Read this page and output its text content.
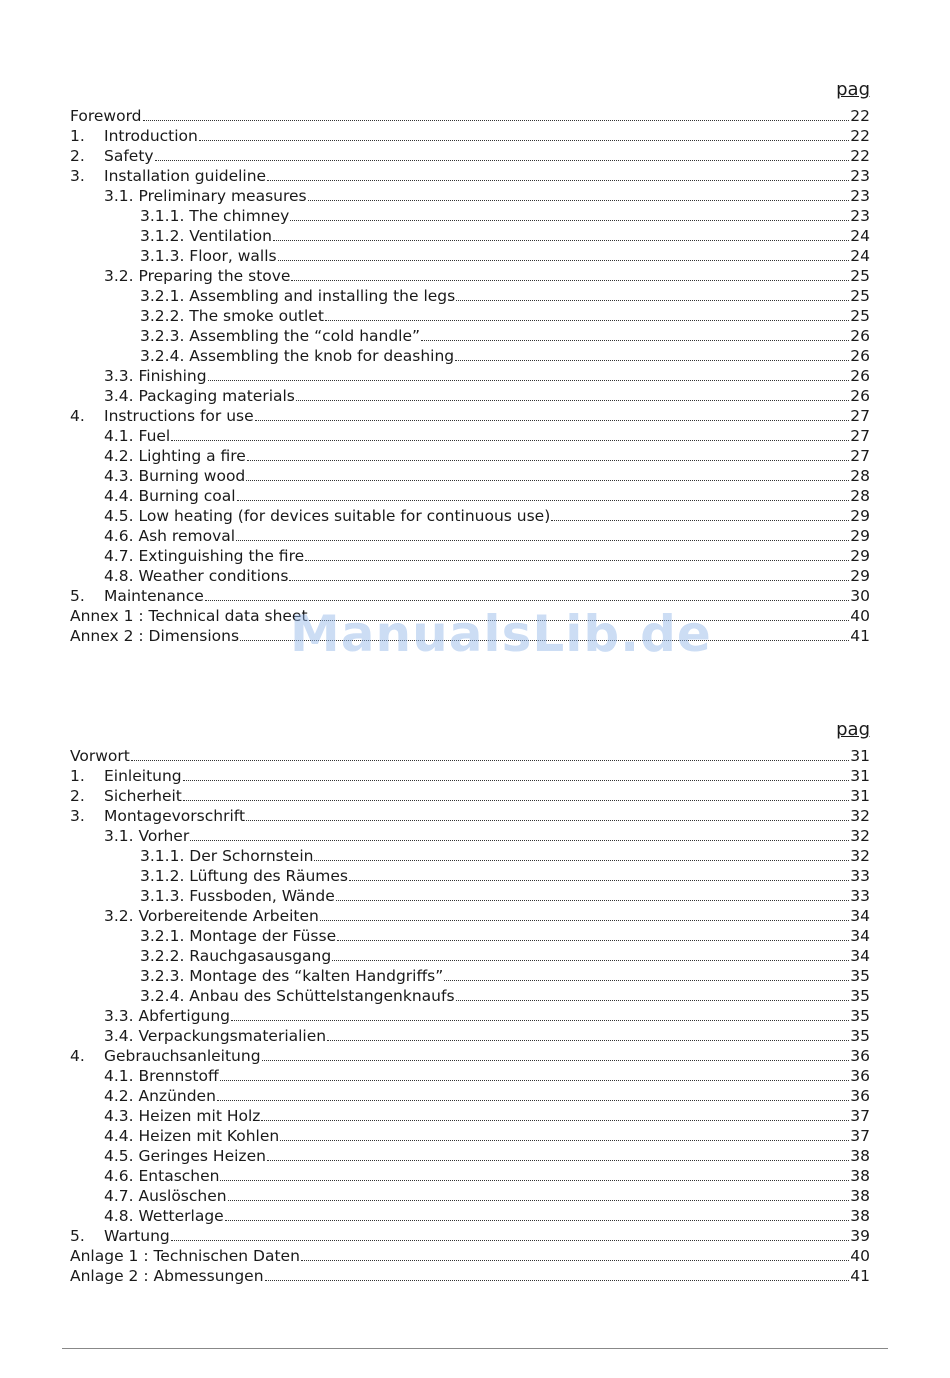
pag
Foreword	22
1.	Introduction	22
2.	Safety	22
3.	Installation guideline	23
3.1. Preliminary measures	23
3.1.1. The chimney	23
3.1.2. Ventilation	24
3.1.3. Floor, walls	24
3.2. Preparing the stove	25
3.2.1. Assembling and installing the legs	25
3.2.2. The smoke outlet	25
3.2.3. Assembling the “cold handle”	26
3.2.4. Assembling the knob for deashing	26
3.3. Finishing	26
3.4. Packaging materials	26
4.	Instructions for use	27
4.1. Fuel	27
4.2. Lighting a fire	27
4.3. Burning wood	28
4.4. Burning coal	28
4.5. Low heating (for devices suitable for continuous use)	29
4.6. Ash removal	29
4.7. Extinguishing the fire	29
4.8. Weather conditions	29
5.	Maintenance	30
Annex 1 : Technical data sheet	40
Annex 2 : Dimensions	41
pag
Vorwort	31
1.	Einleitung	31
2.	Sicherheit	31
3.	Montagevorschrift	32
3.1. Vorher	32
3.1.1. Der Schornstein	32
3.1.2. Lüftung des Räumes	33
3.1.3. Fussboden, Wände	33
3.2. Vorbereitende Arbeiten	34
3.2.1. Montage der Füsse	34
3.2.2. Rauchgasausgang	34
3.2.3. Montage des “kalten Handgriffs”	35
3.2.4. Anbau des Schüttelstangenknaufs	35
3.3. Abfertigung	35
3.4. Verpackungsmaterialien	35
4.	Gebrauchsanleitung	36
4.1. Brennstoff	36
4.2. Anzünden	36
4.3. Heizen mit Holz	37
4.4. Heizen mit Kohlen	37
4.5. Geringes Heizen	38
4.6. Entaschen	38
4.7. Auslöschen	38
4.8. Wetterlage	38
5.	Wartung	39
Anlage 1 : Technischen Daten	40
Anlage 2 : Abmessungen	41
ManualsLib.de
